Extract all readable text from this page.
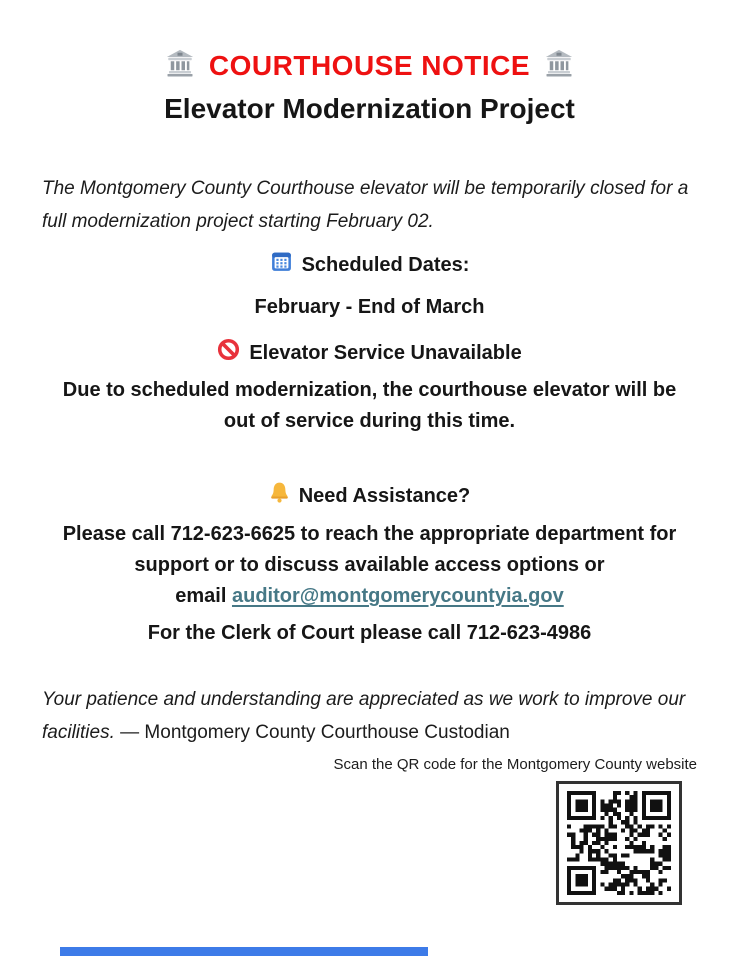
COURTHOUSE NOTICE
Elevator Modernization Project
The Montgomery County Courthouse elevator will be temporarily closed for a
full modernization project starting February 02.
Scheduled Dates:
February - End of March
Elevator Service Unavailable
Due to scheduled modernization, the courthouse elevator will be
out of service during this time.
Need Assistance?
Please call 712-623-6625 to reach the appropriate department for
support or to discuss available access options or
email auditor@montgomerycountyia.gov
For the Clerk of Court please call 712-623-4986
Your patience and understanding are appreciated as we work to improve our
facilities. — Montgomery County Courthouse Custodian
Scan the QR code for the Montgomery County website
